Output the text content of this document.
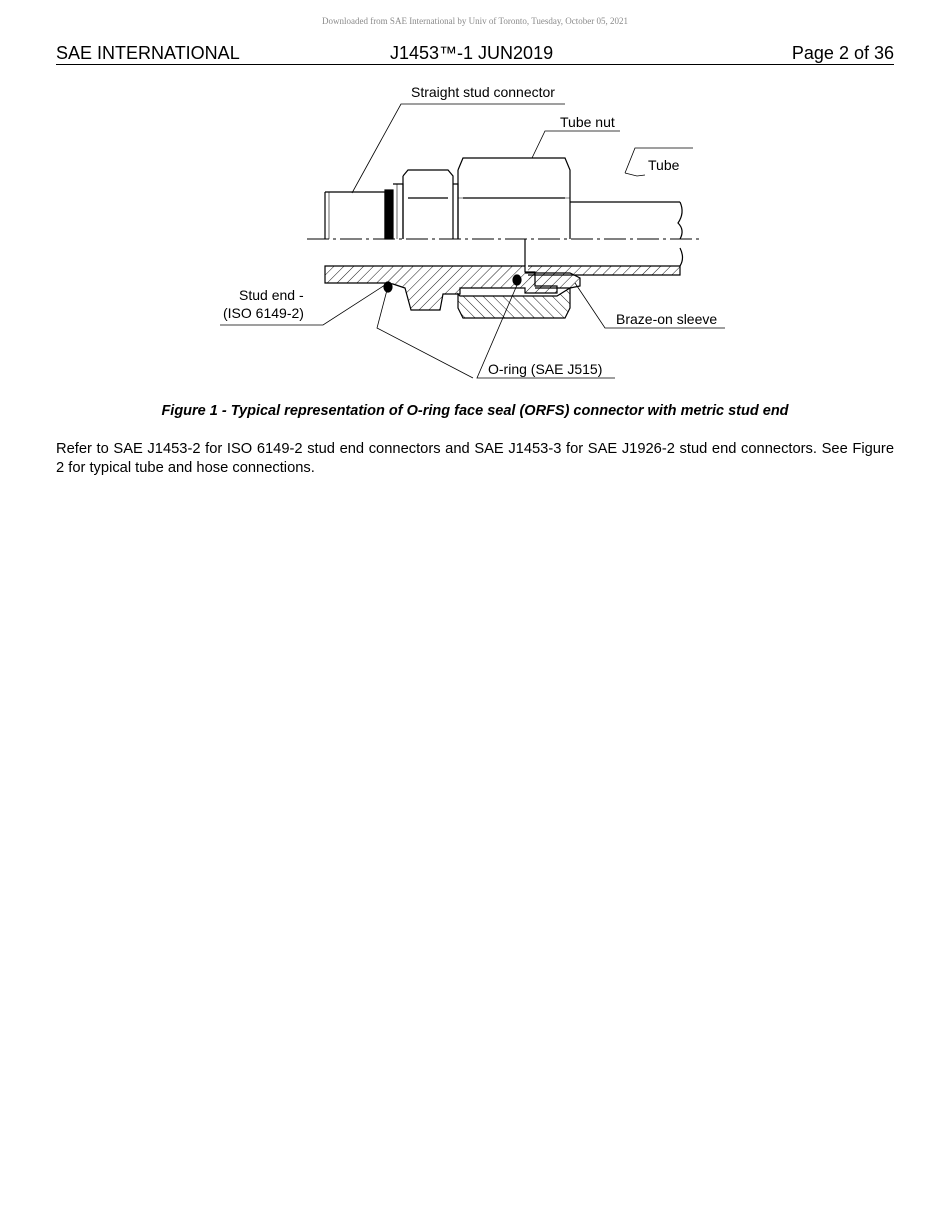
Downloaded from SAE International by Univ of Toronto, Tuesday, October 05, 2021
SAE INTERNATIONAL	J1453™-1 JUN2019	Page 2 of 36
Straight stud connector
Tube nut
Tube
Stud end -
(ISO 6149-2)	Braze-on sleeve
O-ring (SAE J515)
Figure 1 - Typical representation of O-ring face seal (ORFS) connector with metric stud end
Refer to SAE J1453-2 for ISO 6149-2 stud end connectors and SAE J1453-3 for SAE J1926-2 stud end connectors. See Figure 2 for typical tube and hose connections.
